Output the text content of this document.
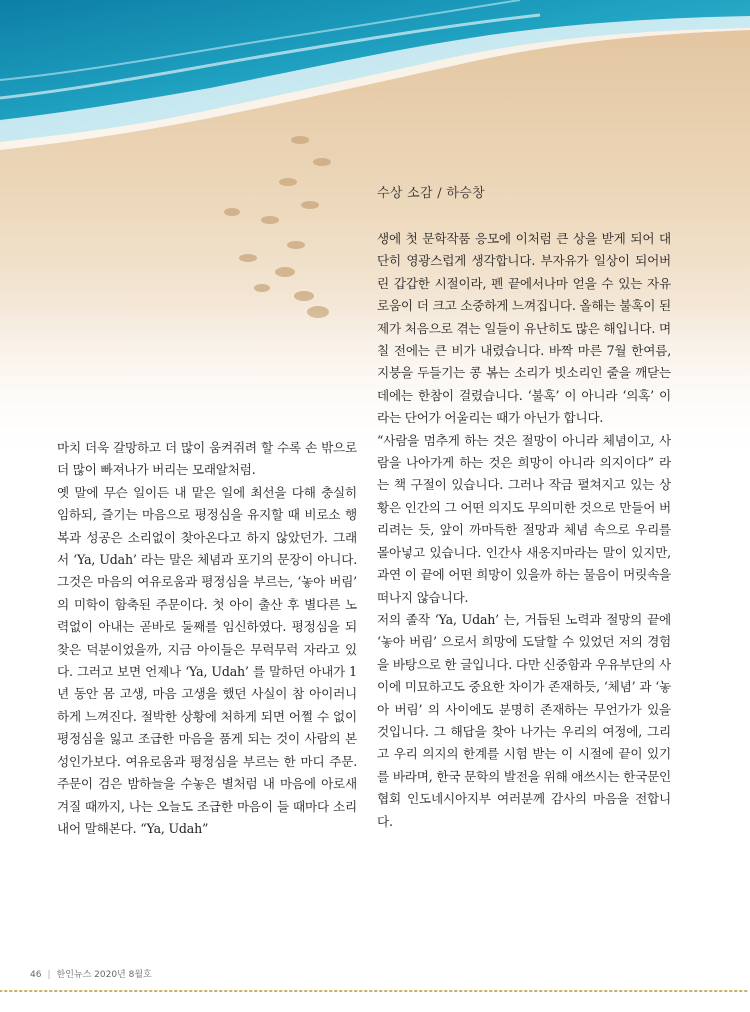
수상 소감 / 하승창

생에 첫 문학작품 응모에 이처럼 큰 상을 받게 되어 대단히 영광스럽게 생각합니다. 부자유가 일상이 되어버린 갑갑한 시절이라, 펜 끝에서나마 얻을 수 있는 자유로움이 더 크고 소중하게 느껴집니다. 올해는 불혹이 된 제가 처음으로 겪는 일들이 유난히도 많은 해입니다. 며칠 전에는 큰 비가 내렸습니다. 바짝 마른 7월 한여름, 지붕을 두들기는 콩 볶는 소리가 빗소리인 줄을 깨닫는 데에는 한참이 걸렸습니다. ‘불혹’ 이 아니라 ‘의혹’ 이라는 단어가 어울리는 때가 아닌가 합니다.

“사람을 멈추게 하는 것은 절망이 아니라 체념이고, 사람을 나아가게 하는 것은 희망이 아니라 의지이다” 라는 책 구절이 있습니다. 그러나 작금 펼쳐지고 있는 상황은 인간의 그 어떤 의지도 무의미한 것으로 만들어 버리려는 듯, 앞이 까마득한 절망과 체념 속으로 우리를 몰아넣고 있습니다. 인간사 새옹지마라는 말이 있지만, 과연 이 끝에 어떤 희망이 있을까 하는 물음이 머릿속을 떠나지 않습니다.

저의 졸작 ‘Ya, Udah’ 는, 거듭된 노력과 절망의 끝에 ‘놓아 버림’ 으로서 희망에 도달할 수 있었던 저의 경험을 바탕으로 한 글입니다. 다만 신중함과 우유부단의 사이에 미묘하고도 중요한 차이가 존재하듯, ‘체념’ 과 ‘놓아 버림’ 의 사이에도 분명히 존재하는 무언가가 있을 것입니다. 그 해답을 찾아 나가는 우리의 여정에, 그리고 우리 의지의 한계를 시험 받는 이 시절에 끝이 있기를 바라며, 한국 문학의 발전을 위해 애쓰시는 한국문인협회 인도네시아지부 여러분께 감사의 마음을 전합니다.

마치 더욱 갈망하고 더 많이 움켜쥐려 할 수록 손 밖으로 더 많이 빠져나가 버리는 모래알처럼.

옛 말에 무슨 일이든 내 맡은 일에 최선을 다해 충실히 임하되, 즐기는 마음으로 평정심을 유지할 때 비로소 행복과 성공은 소리없이 찾아온다고 하지 않았던가. 그래서 ‘Ya, Udah’ 라는 말은 체념과 포기의 문장이 아니다. 그것은 마음의 여유로움과 평정심을 부르는, ‘놓아 버림’ 의 미학이 함축된 주문이다. 첫 아이 출산 후 별다른 노력없이 아내는 곧바로 둘째를 임신하였다. 평정심을 되찾은 덕분이었을까, 지금 아이들은 무럭무럭 자라고 있다. 그러고 보면 언제나 ‘Ya, Udah’ 를 말하던 아내가 1년 동안 몸 고생, 마음 고생을 했던 사실이 참 아이러니하게 느껴진다. 절박한 상황에 처하게 되면 어쩔 수 없이 평정심을 잃고 조급한 마음을 품게 되는 것이 사람의 본성인가보다. 여유로움과 평정심을 부르는 한 마디 주문. 주문이 검은 밤하늘을 수놓은 별처럼 내 마음에 아로새겨질 때까지, 나는 오늘도 조급한 마음이 들 때마다 소리 내어 말해본다. “Ya, Udah”

46 | 한인뉴스 2020년 8월호
